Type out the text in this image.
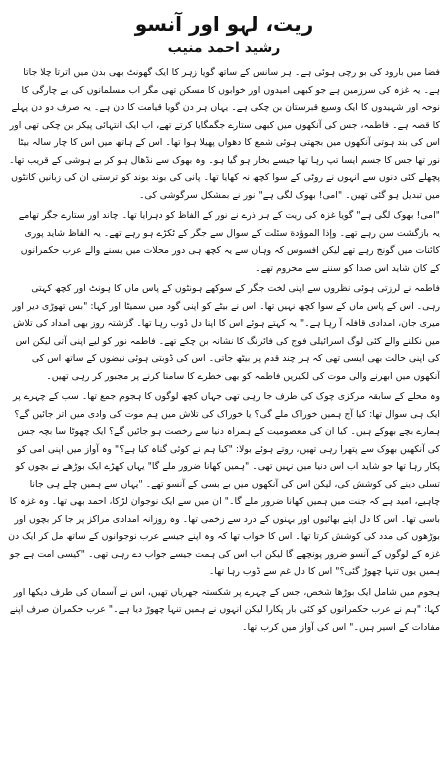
ریت، لہو اور آنسو
رشید احمد منیب

فضا میں بارود کی بو رچی ہوئی ہے۔ ہر سانس کے ساتھ گویا زہر کا ایک گھونٹ بھی بدن میں اترتا چلا جاتا ہے۔ یہ غزہ کی سرزمین ہے جو کبھی امیدوں اور خوابوں کا مسکن تھی مگر اب مسلمانوں کی بے چارگی کا نوحہ اور شہیدوں کا ایک وسیع قبرستان بن چکی ہے۔ یہاں ہر دن گویا قیامت کا دن ہے۔ یہ صرف دو دن پہلے کا قصہ ہے۔ فاطمہ، جس کی آنکھوں میں کبھی ستارے جگمگایا کرتے تھے، اب ایک انتہائی پیکر بن چکی تھی اور اس کی بند ہوتی آنکھوں میں بجھتی ہوئی شمع کا دھواں پھیلا ہوا تھا۔ اس کے ہاتھ میں اس کا چار سالہ بیٹا نور تھا جس کا جسم ایسا تپ رہا تھا جیسے بخار ہو گیا ہو۔ وہ بھوک سے نڈھال ہو کر بے ہوشی کے قریب تھا۔ پچھلے کئی دنوں سے انہوں نے روٹی کے سوا کچھ نہ کھایا تھا۔ پانی کی بوند بوند کو ترستی ان کی زبانیں کانٹوں میں تبدیل ہو گئی تھیں۔ "امی! بھوک لگی ہے" نور نے بمشکل سرگوشی کی۔

"امی! بھوک لگی ہے" گویا غزہ کی ریت کے ہر ذرے نے نور کے الفاظ کو دہرایا تھا۔ چاند اور ستارے جگر تھامے یہ بازگشت سن رہے تھے۔ وإذا الموؤدة سئلت کے سوال سے جگر کے ٹکڑے ہو رہے تھے۔ یہ الفاظ شاید پوری کائنات میں گونج رہے تھے لیکن افسوس کہ وہاں سے یہ کچھ ہی دور محلات میں بسنے والے عرب حکمرانوں کے کان شاید اس صدا کو سننے سے محروم تھے۔

فاطمہ نے لرزتی ہوئی نظروں سے اپنی لخت جگر کے سوکھے ہونٹوں کے پاس ماں کا ہونٹ اور کچھ کہتی رہی۔ اس کے پاس ماں کے سوا کچھ نہیں تھا۔ اس نے بیٹے کو اپنی گود میں سمیٹا اور کہا: "بس تھوڑی دیر اور میری جان، امدادی قافلہ آ رہا ہے۔" یہ کہتے ہوئے اس کا اپنا دل ڈوب رہا تھا۔ گزشتہ روز بھی امداد کی تلاش میں نکلنے والے کئی لوگ اسرائیلی فوج کی فائرنگ کا نشانہ بن چکے تھے۔ فاطمہ نور کو لیے اپنی آتی لیکن اس کی اپنی حالت بھی ایسی تھی کہ ہر چند قدم پر بیٹھ جاتی۔ اس کی ڈوبتی ہوئی نبضوں کے ساتھ اس کی آنکھوں میں ابھرنے والی موت کی لکیریں فاطمہ کو بھی خطرے کا سامنا کرنے پر مجبور کر رہی تھیں۔

وہ محلے کے سابقہ مرکزی چوک کی طرف جا رہی تھی جہاں کچھ لوگوں کا ہجوم جمع تھا۔ سب کے چہرے پر ایک ہی سوال تھا: کیا آج ہمیں خوراک ملے گی؟ یا خوراک کی تلاش میں ہم موت کی وادی میں اتر جائیں گے؟ ہمارے بچے بھوکے ہیں۔ کیا ان کی معصومیت کے ہمراہ دنیا سے رخصت ہو جائیں گے؟ ایک چھوٹا سا بچہ جس کی آنکھیں بھوک سے پتھرا رہی تھیں، روتے ہوئے بولا: "کیا ہم نے کوئی گناہ کیا ہے؟" وہ آواز میں اپنی امی کو پکار رہا تھا جو شاید اب اس دنیا میں نہیں تھی۔ "ہمیں کھانا ضرور ملے گا" یہاں کھڑے ایک بوڑھے نے بچوں کو تسلی دینے کی کوشش کی، لیکن اس کی آنکھوں میں بے بسی کے آنسو تھے۔ "یہاں سے ہمیں چلے ہی جانا چاہیے، امید ہے کہ جنت میں ہمیں کھانا ضرور ملے گا۔" ان میں سے ایک نوجوان لڑکا، احمد بھی تھا۔ وہ غزہ کا باسی تھا۔ اس کا دل اپنے بھائیوں اور بہنوں کے درد سے زخمی تھا۔ وہ روزانہ امدادی مراکز پر جا کر بچوں اور بوڑھوں کی مدد کی کوشش کرتا تھا۔ اس کا خواب تھا کہ وہ اپنے جیسے عرب نوجوانوں کے ساتھ مل کر ایک دن غزہ کے لوگوں کے آنسو ضرور پونچھے گا لیکن اب اس کی ہمت جیسے جواب دے رہی تھی۔ "کیسی امت ہے جو ہمیں یوں تنہا چھوڑ گئی؟" اس کا دل غم سے ڈوب رہا تھا۔

ہجوم میں شامل ایک بوڑھا شخص، جس کے چہرے پر شکستہ جھریاں تھیں، اس نے آسمان کی طرف دیکھا اور کہا: "ہم نے عرب حکمرانوں کو کئی بار پکارا لیکن انہوں نے ہمیں تنہا چھوڑ دیا ہے۔" عرب حکمران صرف اپنے مفادات کے اسیر ہیں۔" اس کی آواز میں کرب تھا۔
